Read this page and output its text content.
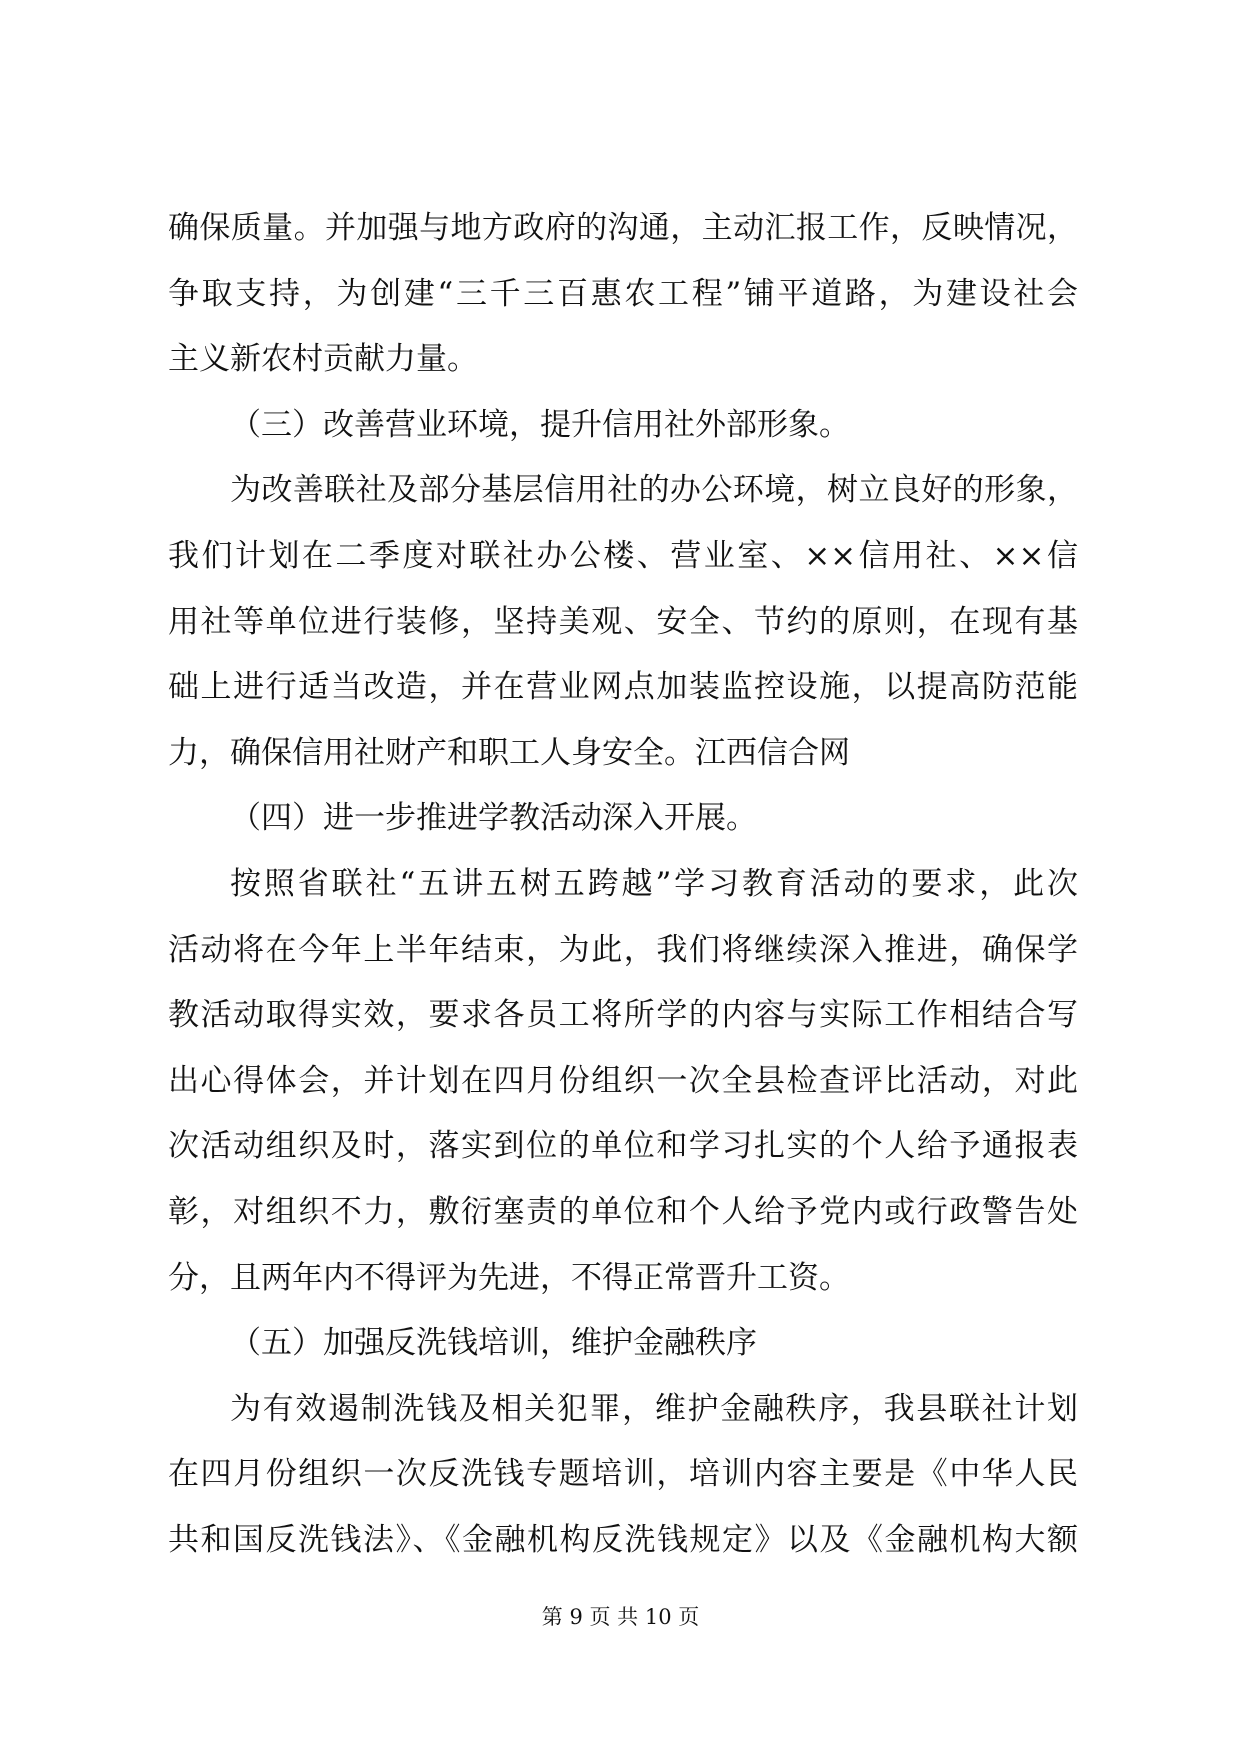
确保质量。并加强与地方政府的沟通，主动汇报工作，反映情况，
争取支持，为创建“三千三百惠农工程”铺平道路，为建设社会
主义新农村贡献力量。
（三）改善营业环境，提升信用社外部形象。
为改善联社及部分基层信用社的办公环境，树立良好的形象，
我们计划在二季度对联社办公楼、营业室、××信用社、××信
用社等单位进行装修，坚持美观、安全、节约的原则，在现有基
础上进行适当改造，并在营业网点加装监控设施，以提高防范能
力，确保信用社财产和职工人身安全。江西信合网
（四）进一步推进学教活动深入开展。
按照省联社“五讲五树五跨越”学习教育活动的要求，此次
活动将在今年上半年结束，为此，我们将继续深入推进，确保学
教活动取得实效，要求各员工将所学的内容与实际工作相结合写
出心得体会，并计划在四月份组织一次全县检查评比活动，对此
次活动组织及时，落实到位的单位和学习扎实的个人给予通报表
彰，对组织不力，敷衍塞责的单位和个人给予党内或行政警告处
分，且两年内不得评为先进，不得正常晋升工资。
（五）加强反洗钱培训，维护金融秩序
为有效遏制洗钱及相关犯罪，维护金融秩序，我县联社计划
在四月份组织一次反洗钱专题培训，培训内容主要是《中华人民
共和国反洗钱法》、《金融机构反洗钱规定》以及《金融机构大额
第 9 页 共 10 页
